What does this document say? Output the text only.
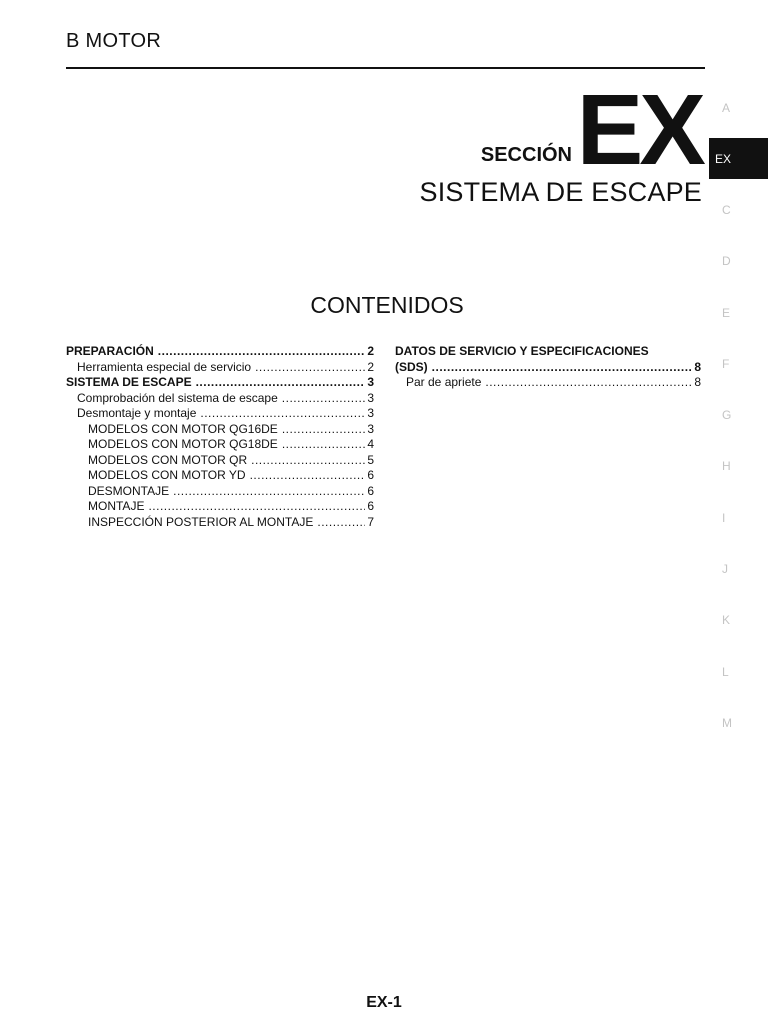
B MOTOR
SECCIÓN EX
SISTEMA DE ESCAPE
CONTENIDOS
PREPARACIÓN .....	2
Herramienta especial de servicio .....	2
SISTEMA DE ESCAPE .....	3
Comprobación del sistema de escape .....	3
Desmontaje y montaje .....	3
MODELOS CON MOTOR QG16DE .....	3
MODELOS CON MOTOR QG18DE .....	4
MODELOS CON MOTOR QR .....	5
MODELOS CON MOTOR YD .....	6
DESMONTAJE .....	6
MONTAJE .....	6
INSPECCIÓN POSTERIOR AL MONTAJE .....	7
DATOS DE SERVICIO Y ESPECIFICACIONES
(SDS) .....	8
Par de apriete .....	8
A
EX
C
D
E
F
G
H
I
J
K
L
M
EX-1
